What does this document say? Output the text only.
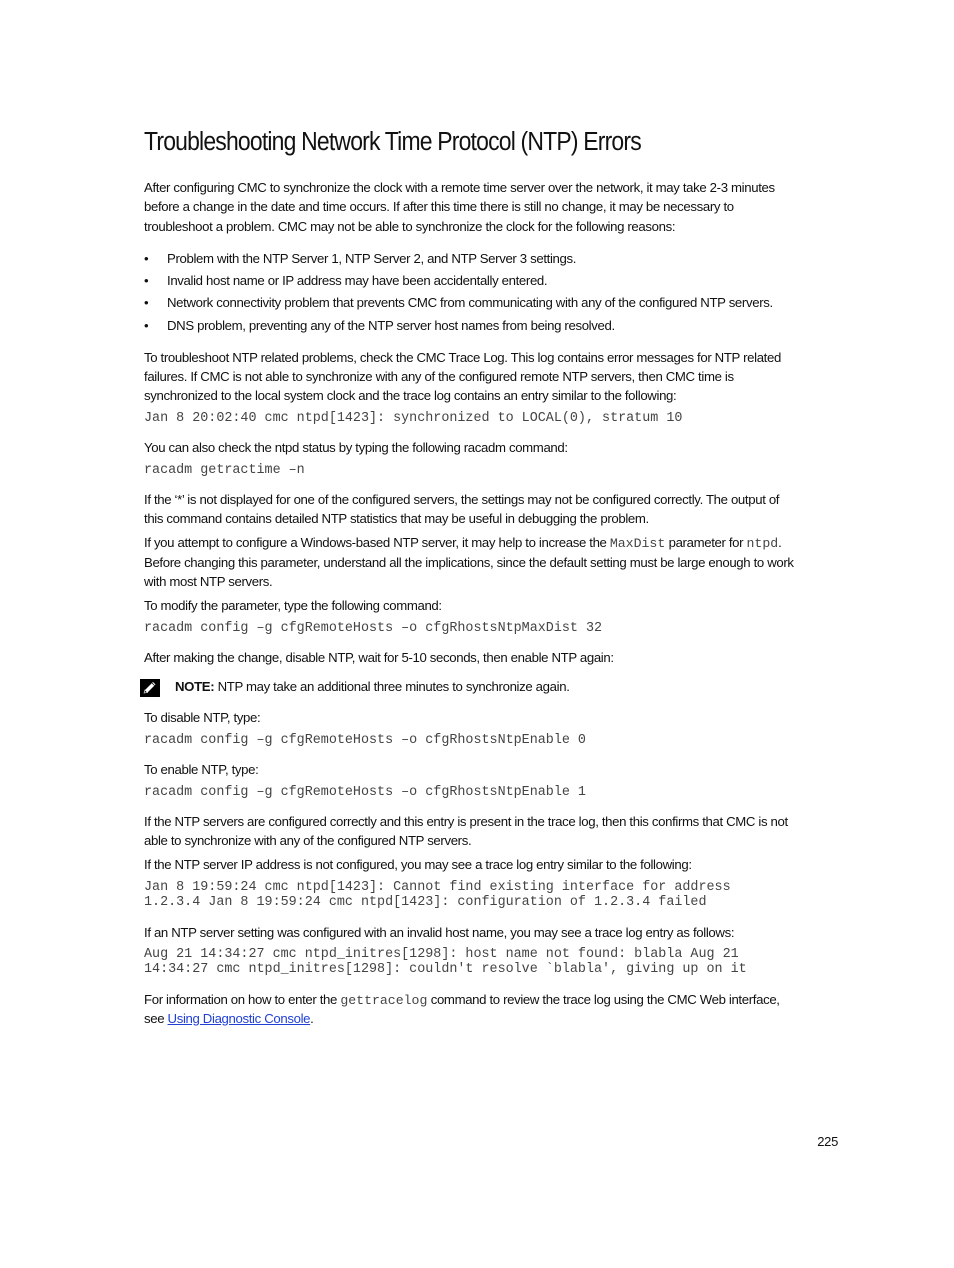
Troubleshooting Network Time Protocol (NTP) Errors
After configuring CMC to synchronize the clock with a remote time server over the network, it may take 2-3 minutes
before a change in the date and time occurs. If after this time there is still no change, it may be necessary to
troubleshoot a problem. CMC may not be able to synchronize the clock for the following reasons:
• Problem with the NTP Server 1, NTP Server 2, and NTP Server 3 settings.
• Invalid host name or IP address may have been accidentally entered.
• Network connectivity problem that prevents CMC from communicating with any of the configured NTP servers.
• DNS problem, preventing any of the NTP server host names from being resolved.
To troubleshoot NTP related problems, check the CMC Trace Log. This log contains error messages for NTP related
failures. If CMC is not able to synchronize with any of the configured remote NTP servers, then CMC time is
synchronized to the local system clock and the trace log contains an entry similar to the following:
Jan 8 20:02:40 cmc ntpd[1423]: synchronized to LOCAL(0), stratum 10
You can also check the ntpd status by typing the following racadm command:
racadm getractime –n
If the ‘*’ is not displayed for one of the configured servers, the settings may not be configured correctly. The output of
this command contains detailed NTP statistics that may be useful in debugging the problem.
If you attempt to configure a Windows-based NTP server, it may help to increase the MaxDist parameter for ntpd.
Before changing this parameter, understand all the implications, since the default setting must be large enough to work
with most NTP servers.
To modify the parameter, type the following command:
racadm config –g cfgRemoteHosts –o cfgRhostsNtpMaxDist 32
After making the change, disable NTP, wait for 5-10 seconds, then enable NTP again:
NOTE: NTP may take an additional three minutes to synchronize again.
To disable NTP, type:
racadm config –g cfgRemoteHosts –o cfgRhostsNtpEnable 0
To enable NTP, type:
racadm config –g cfgRemoteHosts –o cfgRhostsNtpEnable 1
If the NTP servers are configured correctly and this entry is present in the trace log, then this confirms that CMC is not
able to synchronize with any of the configured NTP servers.
If the NTP server IP address is not configured, you may see a trace log entry similar to the following:
Jan 8 19:59:24 cmc ntpd[1423]: Cannot find existing interface for address
1.2.3.4 Jan 8 19:59:24 cmc ntpd[1423]: configuration of 1.2.3.4 failed
If an NTP server setting was configured with an invalid host name, you may see a trace log entry as follows:
Aug 21 14:34:27 cmc ntpd_initres[1298]: host name not found: blabla Aug 21
14:34:27 cmc ntpd_initres[1298]: couldn't resolve `blabla', giving up on it
For information on how to enter the gettracelog command to review the trace log using the CMC Web interface,
see Using Diagnostic Console.
225
